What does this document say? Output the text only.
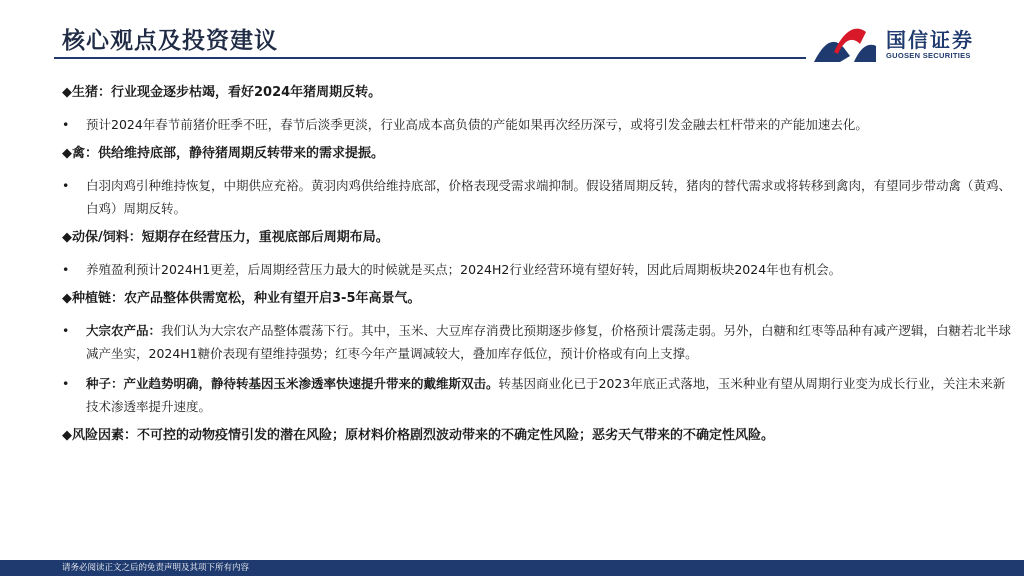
核心观点及投资建议	国信证券
GUOSEN SECURITIES
◆生猪：行业现金逐步枯竭，看好2024年猪周期反转。
• 预计2024年春节前猪价旺季不旺，春节后淡季更淡，行业高成本高负债的产能如果再次经历深亏，或将引发金融去杠杆带来的产能加速去化。
◆禽：供给维持底部，静待猪周期反转带来的需求提振。
• 白羽肉鸡引种维持恢复，中期供应充裕。黄羽肉鸡供给维持底部，价格表现受需求端抑制。假设猪周期反转，猪肉的替代需求或将转移到禽肉，有望同步带动禽（黄鸡、白鸡）周期反转。
◆动保/饲料：短期存在经营压力，重视底部后周期布局。
• 养殖盈利预计2024H1更差，后周期经营压力最大的时候就是买点；2024H2行业经营环境有望好转，因此后周期板块2024年也有机会。
◆种植链：农产品整体供需宽松，种业有望开启3-5年高景气。
• 大宗农产品：我们认为大宗农产品整体震荡下行。其中，玉米、大豆库存消费比预期逐步修复，价格预计震荡走弱。另外，白糖和红枣等品种有减产逻辑，白糖若北半球减产坐实，2024H1糖价表现有望维持强势；红枣今年产量调减较大，叠加库存低位，预计价格或有向上支撑。
• 种子：产业趋势明确，静待转基因玉米渗透率快速提升带来的戴维斯双击。转基因商业化已于2023年底正式落地，玉米种业有望从周期行业变为成长行业，关注未来新技术渗透率提升速度。
◆风险因素：不可控的动物疫情引发的潜在风险；原材料价格剧烈波动带来的不确定性风险；恶劣天气带来的不确定性风险。
请务必阅读正文之后的免责声明及其项下所有内容
